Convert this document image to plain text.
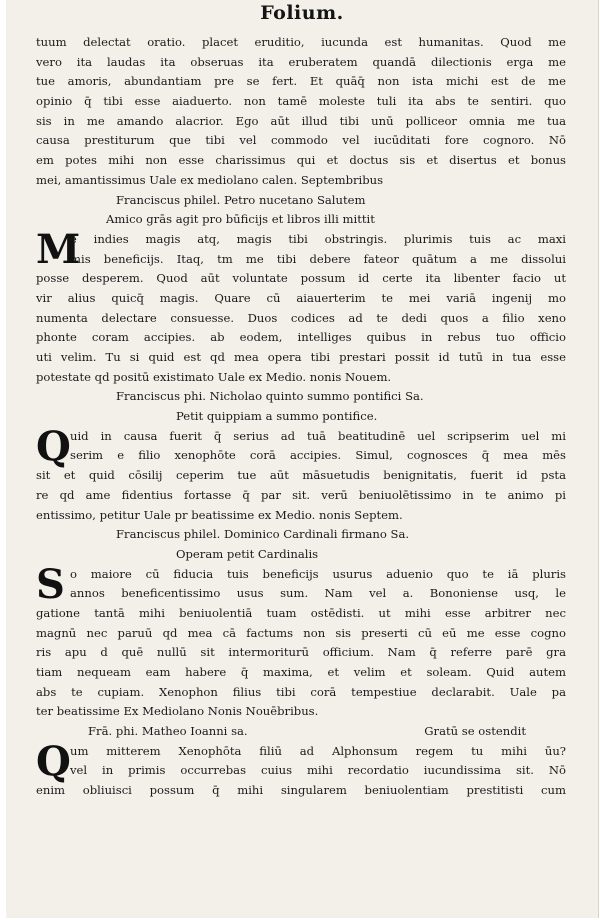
Folium.
tuum delectat oratio. placet eruditio, iucunda est humanitas. Quod me
vero ita laudas ita obseruas ita eruberatem quandā dilectionis erga me
tue amoris, abundantiam pre se fert. Et quāq̄ non ista michi est de me
opinio q̄ tibi esse aiaduerto. non tamē moleste tuli ita abs te sentiri. quo
sis in me amando alacrior. Ego aūt illud tibi unū polliceor omnia me tua
causa prestiturum que tibi vel commodo vel iucūditati fore cognoro. Nō
em potes mihi non esse charissimus qui et doctus sis et disertus et bonus
mei, amantissimus Uale ex mediolano calen. Septembribus
Franciscus philel. Petro nucetano Salutem
Amico grās agit pro būficijs et libros illi mittit
M
e indies magis atq, magis tibi obstringis. plurimis tuis ac maxi
mis beneficijs. Itaq, tm me tibi debere fateor quātum a me dissolui
posse desperem. Quod aūt voluntate possum id certe ita libenter facio ut
vir alius quicq̄ magis. Quare cū aiauerterim te mei variā ingenij mo
numenta delectare consuesse. Duos codices ad te dedi quos a filio xeno
phonte coram accipies. ab eodem, intelliges quibus in rebus tuo officio
uti velim. Tu si quid est qd mea opera tibi prestari possit id tutū in tua esse
potestate qd positū existimato Uale ex Medio. nonis Nouem.
Franciscus phi. Nicholao quinto summo pontifici Sa.
Petit quippiam a summo pontifice.
Q uid in causa fuerit q̄ serius ad tuā beatitudinē uel scripserim uel mi
serim e filio xenophōte corā accipies. Simul, cognosces q̄ mea mēs
sit et quid cōsilij ceperim tue aūt māsuetudis benignitatis, fuerit id pstа
re qd ame fidentius fortasse q̄ par sit. verū beniuolētissimo in te animo pi
entissimo, petitur Uale pr beatissime ex Medio. nonis Septem.
Franciscus philel. Dominico Cardinali firmano Sa.
Operam petit Cardinalis
S o maiore cū fiducia tuis beneficijs usurus aduenio quo te iā pluris
annos beneficentissimo usus sum. Nam vel a. Bononiense usq, le
gatione tantā mihi beniuolentiā tuam ostēdisti. ut mihi esse arbitrer nec
magnū nec paruū qd mea cā factums non sis preserti cū eū me esse cogno
ris apu d quē nullū sit intermoriturū officium. Nam q̄ referre parē gra
tiam nequeam eam habere q̄ maxima, et velim et soleam. Quid autem
abs te cupiam. Xenophon filius tibi corā tempestiue declarabit. Uale pa
ter beatissime Ex Mediolano Nonis Nouēbribus.
Frā. phi. Matheo Ioanni sa.	Gratū se ostendit
Q um mitterem Xenophōta filiū ad Alphonsum regem tu mihi ūu?
vel in primis occurrebas cuius mihi recordatio iucundissima sit. Nō
enim obliuisci possum q̄ mihi singularem beniuolentiam prestitisti cum
